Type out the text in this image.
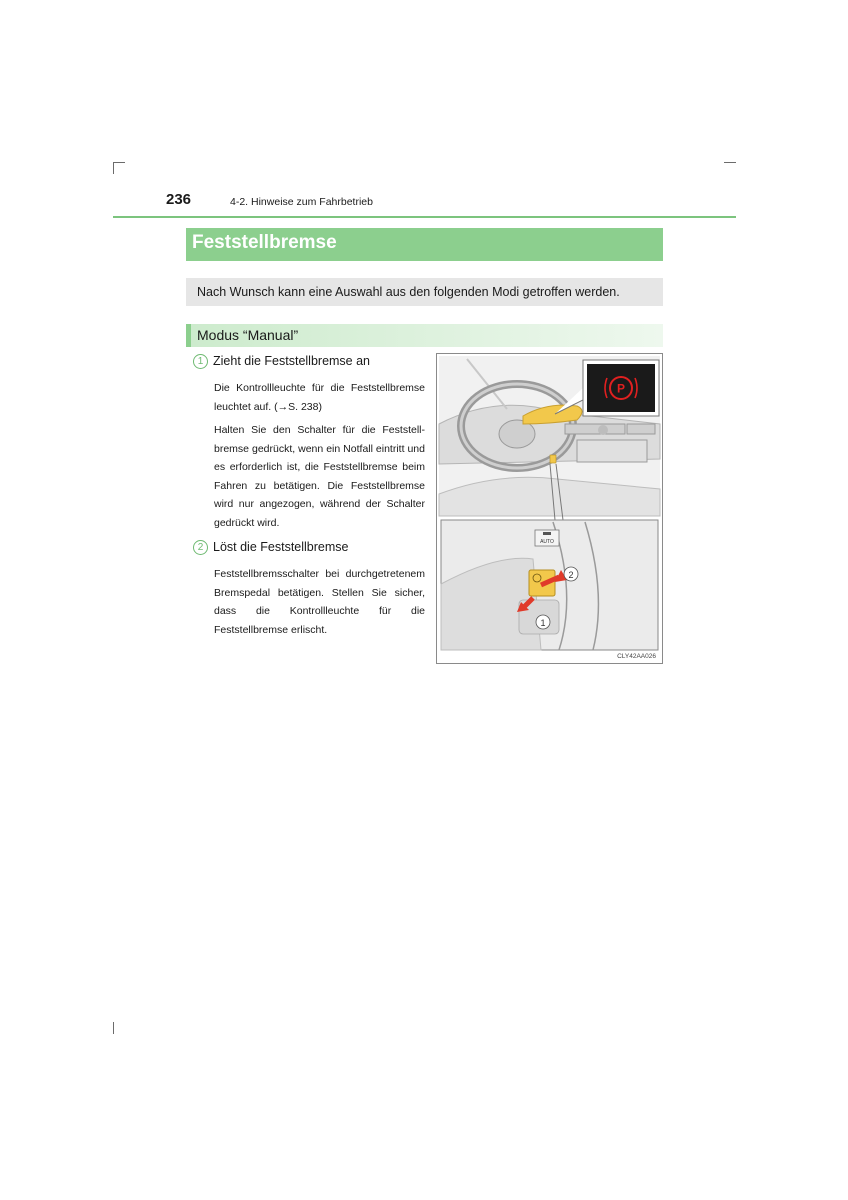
236	4-2. Hinweise zum Fahrbetrieb
Feststellbremse
Nach Wunsch kann eine Auswahl aus den folgenden Modi getroffen werden.
Modus “Manual”
1 Zieht die Feststellbremse an
Die Kontrollleuchte für die Feststellbremse leuchtet auf. (→S. 238)
Halten Sie den Schalter für die Feststellbremse gedrückt, wenn ein Notfall eintritt und es erforderlich ist, die Feststellbremse beim Fahren zu betätigen. Die Feststellbremse wird nur angezogen, während der Schalter gedrückt wird.
2 Löst die Feststellbremse
Feststellbremsschalter bei durchgetretenem Bremspedal betätigen. Stellen Sie sicher, dass die Kontrollleuchte für die Feststellbremse erlischt.
P
AUTO
2
1
CLY42AA026
